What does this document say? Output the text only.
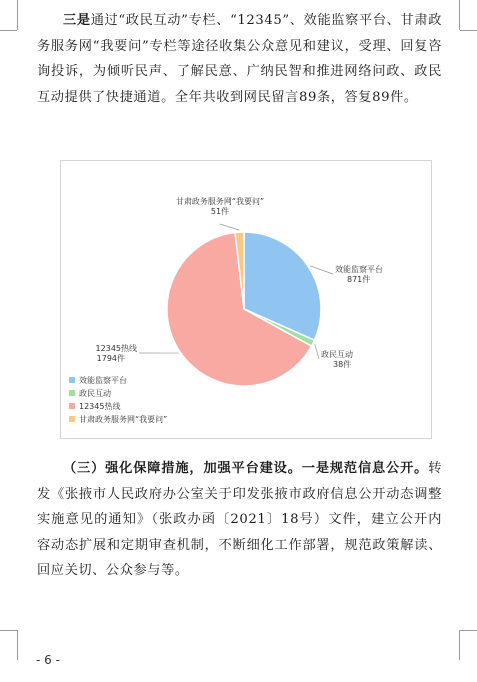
三是通过“政民互动”专栏、“12345”、效能监察平台、甘肃政务服务网“我要问”专栏等途径收集公众意见和建议，受理、回复咨询投诉，为倾听民声、了解民意、广纳民智和推进网络问政、政民互动提供了快捷通道。全年共收到网民留言89条，答复89件。

效能监察平台
871件
政民互动
38件
12345热线
1794件
甘肃政务服务网“我要问”
51件
效能监察平台
政民互动
12345热线
甘肃政务服务网“我要问”

（三）强化保障措施，加强平台建设。一是规范信息公开。转发《张掖市人民政府办公室关于印发张掖市政府信息公开动态调整实施意见的通知》（张政办函〔2021〕18号）文件，建立公开内容动态扩展和定期审查机制，不断细化工作部署，规范政策解读、回应关切、公众参与等。

- 6 -
